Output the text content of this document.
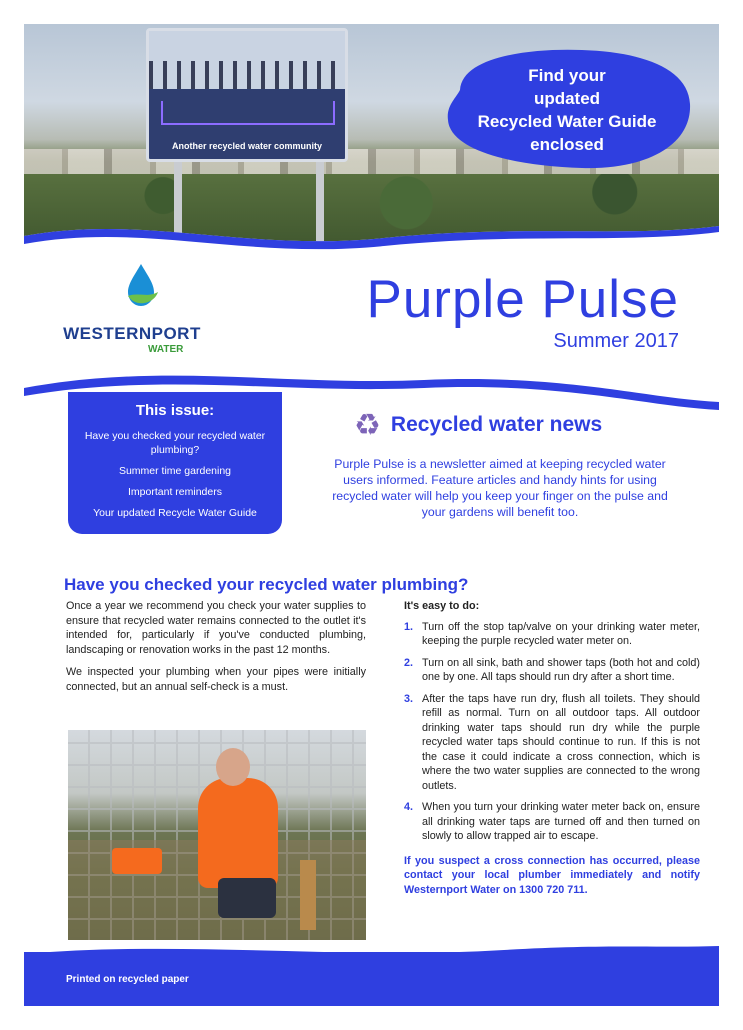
Another recycled water community
Find your
updated
Recycled Water Guide
enclosed
WESTERNPORT
WATER
Purple Pulse
Summer 2017
This issue:
Have you checked your recycled water plumbing?
Summer time gardening
Important reminders
Your updated Recycle Water Guide
♻ Recycled water news
Purple Pulse is a newsletter aimed at keeping recycled water users informed. Feature articles and handy hints for using recycled water will help you keep your finger on the pulse and your gardens will benefit too.
Have you checked your recycled water plumbing?

Once a year we recommend you check your water supplies to ensure that recycled water remains connected to the outlet it's intended for, particularly if you've conducted plumbing, landscaping or renovation works in the past 12 months.

We inspected your plumbing when your pipes were initially connected, but an annual self-check is a must.

It's easy to do:
1. Turn off the stop tap/valve on your drinking water meter, keeping the purple recycled water meter on.
2. Turn on all sink, bath and shower taps (both hot and cold) one by one. All taps should run dry after a short time.
3. After the taps have run dry, flush all toilets. They should refill as normal. Turn on all outdoor taps. All outdoor drinking water taps should run dry while the purple recycled water taps should continue to run. If this is not the case it could indicate a cross connection, which is where the two water supplies are connected to the wrong outlets.
4. When you turn your drinking water meter back on, ensure all drinking water taps are turned off and then turned on slowly to allow trapped air to escape.
If you suspect a cross connection has occurred, please contact your local plumber immediately and notify Westernport Water on 1300 720 711.
Printed on recycled paper
